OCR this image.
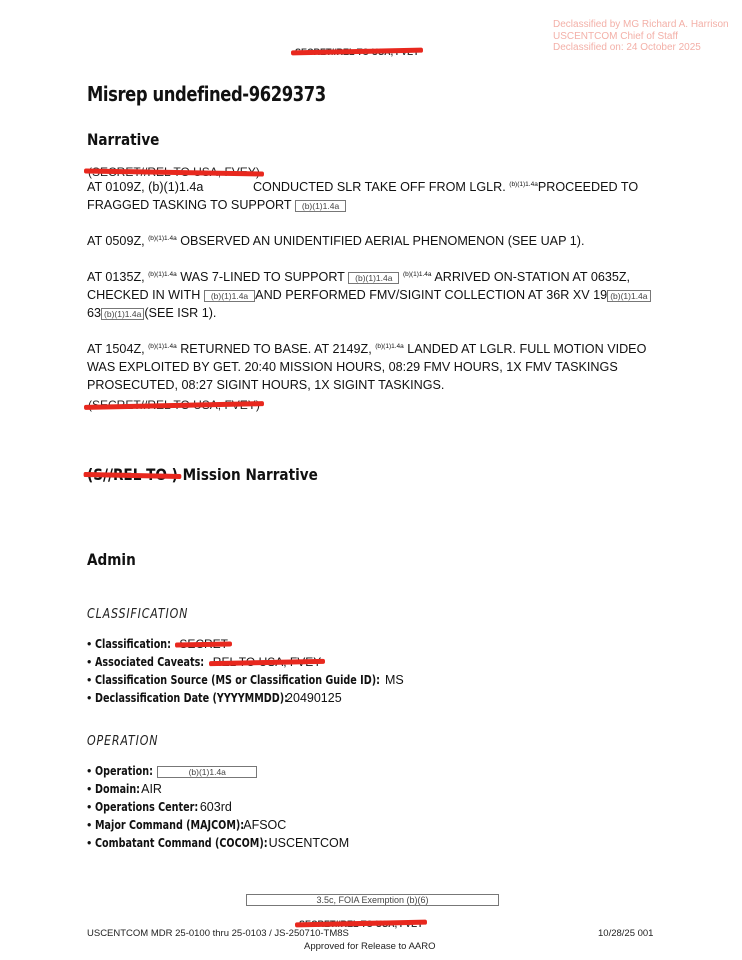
Declassified by MG Richard A. Harrison
USCENTCOM Chief of Staff
Declassified on: 24 October 2025
Misrep undefined-9629373
Narrative
AT 0109Z, (b)(1)1.4a	CONDUCTED SLR TAKE OFF FROM LGLR. $^{(b)(1)1.4a}$PROCEEDED TO FRAGGED TASKING TO SUPPORT (b)(1)1.4a
AT 0509Z, $^{(b)(1)1.4a}$ OBSERVED AN UNIDENTIFIED AERIAL PHENOMENON (SEE UAP 1).
AT 0135Z, $^{(b)(1)1.4a}$ WAS 7-LINED TO SUPPORT (b)(1)1.4a $^{(b)(1)1.4a}$ ARRIVED ON-STATION AT 0635Z,
CHECKED IN WITH (b)(1)1.4a AND PERFORMED FMV/SIGINT COLLECTION AT 36R XV 19 (b)(1)1.4a
63 (b)(1)1.4a (SEE ISR 1).
AT 1504Z, $^{(b)(1)1.4a}$ RETURNED TO BASE. AT 2149Z, $^{(b)(1)1.4a}$ LANDED AT LGLR. FULL MOTION VIDEO WAS EXPLOITED BY GET. 20:40 MISSION HOURS, 08:29 FMV HOURS, 1X FMV TASKINGS PROSECUTED, 08:27 SIGINT HOURS, 1X SIGINT TASKINGS.
Mission Narrative
Admin
CLASSIFICATION
• Classification:
• Associated Caveats:
• Classification Source (MS or Classification Guide ID): MS
• Declassification Date (YYYYMMDD):20490125
OPERATION
• Operation:	(b)(1)1.4a
• Domain:AIR
• Operations Center: 603rd
• Major Command (MAJCOM):AFSOC
• Combatant Command (COCOM):USCENTCOM
3.5c, FOIA Exemption (b)(6)
USCENTCOM MDR 25-0100 thru 25-0103 / JS-250710-TM8S	10/28/25 001
Approved for Release to AARO
